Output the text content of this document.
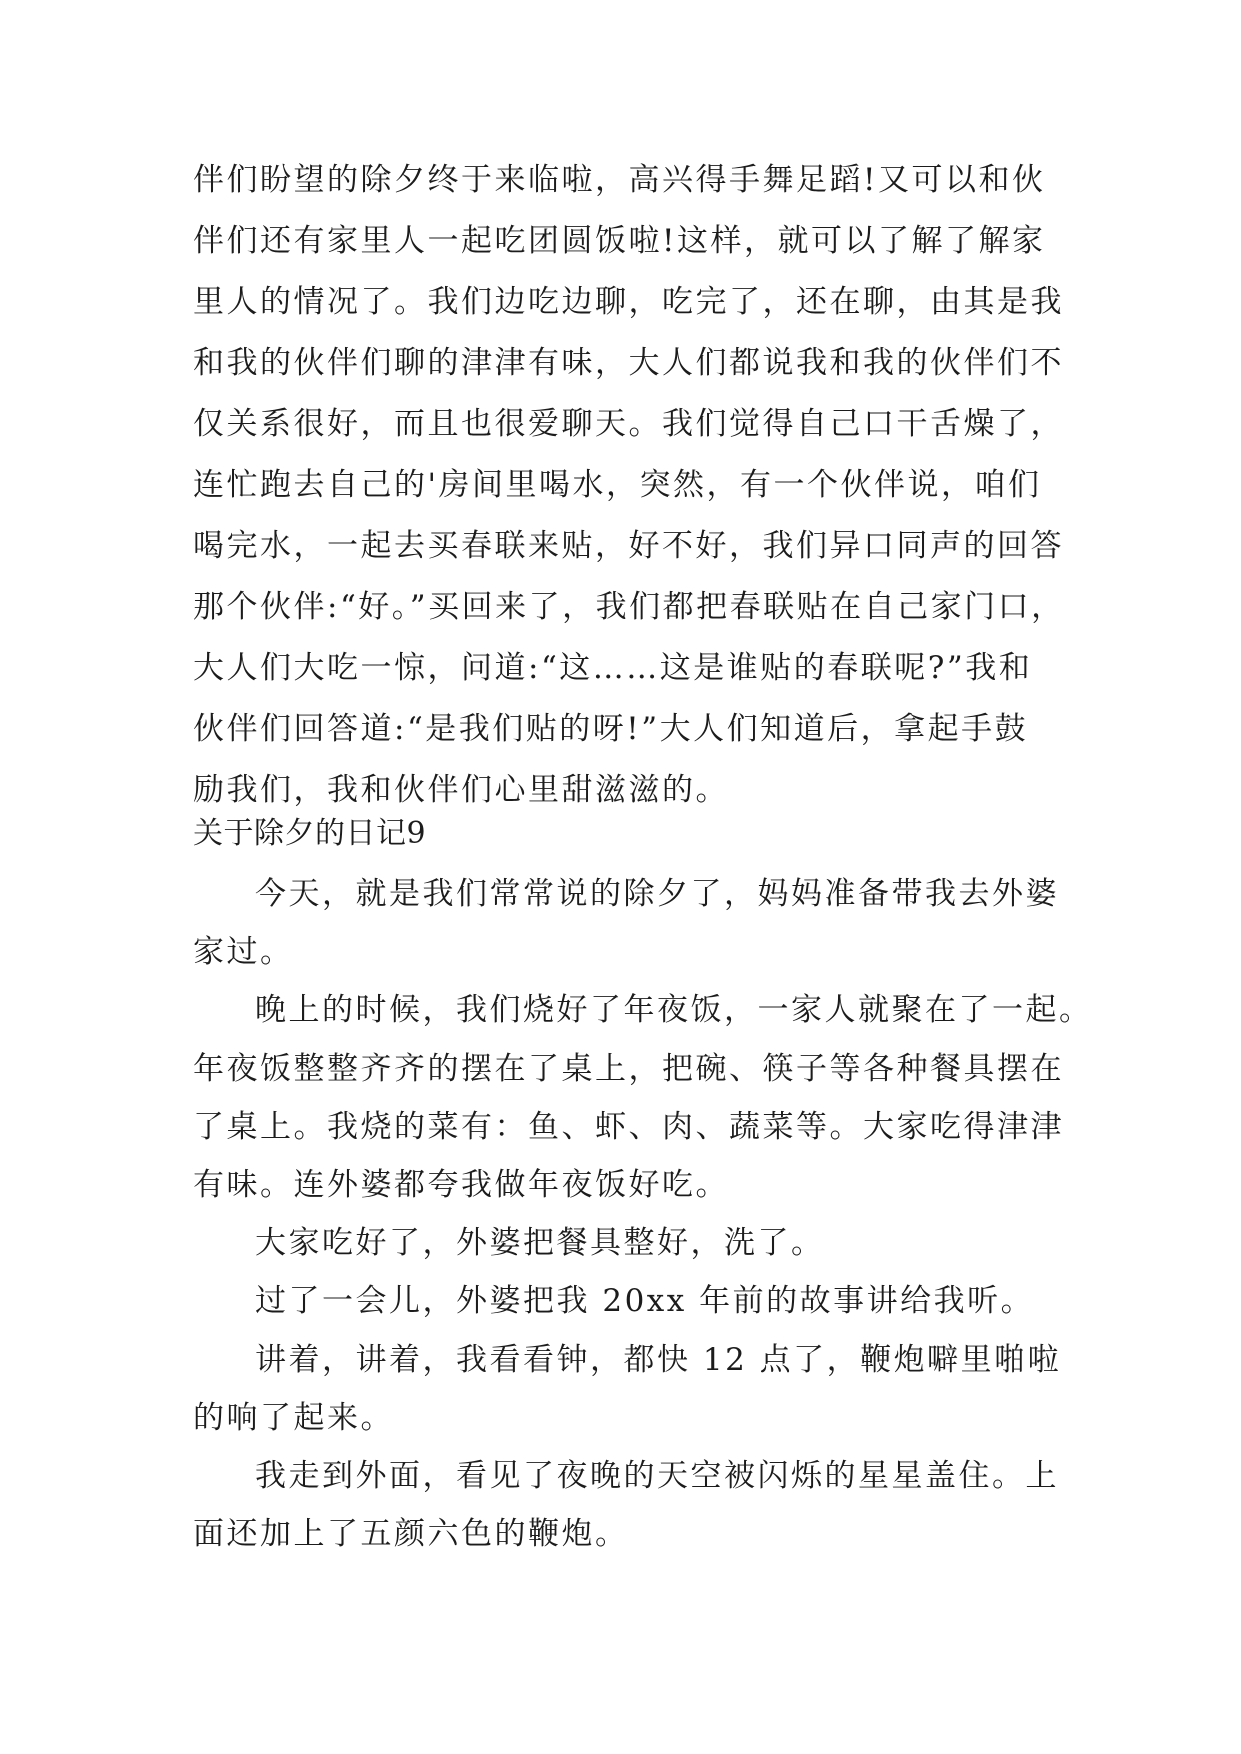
伴们盼望的除夕终于来临啦，高兴得手舞足蹈!又可以和伙
伴们还有家里人一起吃团圆饭啦!这样，就可以了解了解家
里人的情况了。我们边吃边聊，吃完了，还在聊，由其是我
和我的伙伴们聊的津津有味，大人们都说我和我的伙伴们不
仅关系很好，而且也很爱聊天。我们觉得自己口干舌燥了，
连忙跑去自己的'房间里喝水，突然，有一个伙伴说，咱们
喝完水，一起去买春联来贴，好不好，我们异口同声的回答
那个伙伴:“好。”买回来了，我们都把春联贴在自己家门口，
大人们大吃一惊，问道:“这……这是谁贴的春联呢?”我和
伙伴们回答道:“是我们贴的呀!”大人们知道后，拿起手鼓
励我们，我和伙伴们心里甜滋滋的。
关于除夕的日记9
今天，就是我们常常说的除夕了，妈妈准备带我去外婆
家过。
晚上的时候，我们烧好了年夜饭，一家人就聚在了一起。
年夜饭整整齐齐的摆在了桌上，把碗、筷子等各种餐具摆在
了桌上。我烧的菜有：鱼、虾、肉、蔬菜等。大家吃得津津
有味。连外婆都夸我做年夜饭好吃。
大家吃好了，外婆把餐具整好，洗了。
过了一会儿，外婆把我 20xx 年前的故事讲给我听。
讲着，讲着，我看看钟，都快 12 点了，鞭炮噼里啪啦
的响了起来。
我走到外面，看见了夜晚的天空被闪烁的星星盖住。上
面还加上了五颜六色的鞭炮。
